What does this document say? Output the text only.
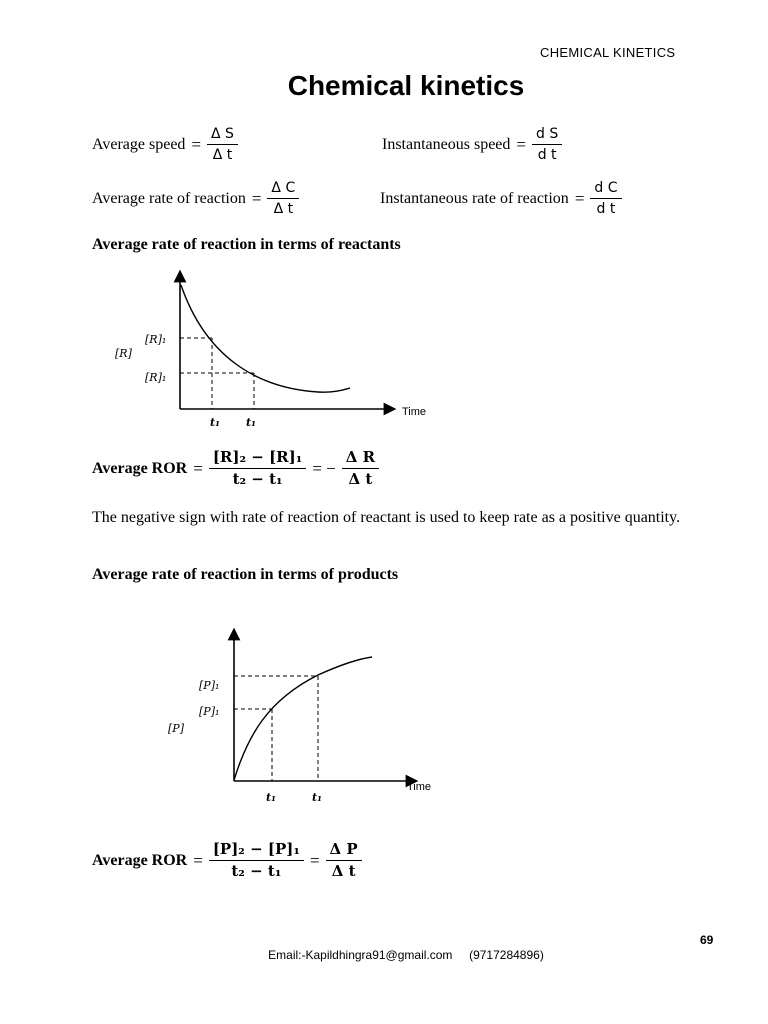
CHEMICAL KINETICS
Chemical kinetics
Average speed = $\frac{\text{Δ S}}{\text{Δ t}}$	Instantaneous speed = $\frac{\text{d S}}{\text{d t}}$
Average rate of reaction = $\frac{\text{Δ C}}{\text{Δ t}}$	Instantaneous rate of reaction = $\frac{\text{d C}}{\text{d t}}$
Average rate of reaction in terms of reactants
[R]₁
[R]
[R]₁
Time
t₁ t₁
[P]₁
[P]₁
[P]
Time
t₁	t₁
Average ROR = $\frac{\text{[R]₂ − [R]₁}}{\text{t₂ − t₁}}$ = − $\frac{\text{Δ R}}{\text{Δ t}}$
The negative sign with rate of reaction of reactant is used to keep rate as a positive quantity.
Average rate of reaction in terms of products
Average ROR = $\frac{\text{[P]₂ − [P]₁}}{\text{t₂ − t₁}} = \frac{\text{Δ P}}{\text{Δ t}}$
69
Email:-Kapildhingra91@gmail.com     (9717284896)
